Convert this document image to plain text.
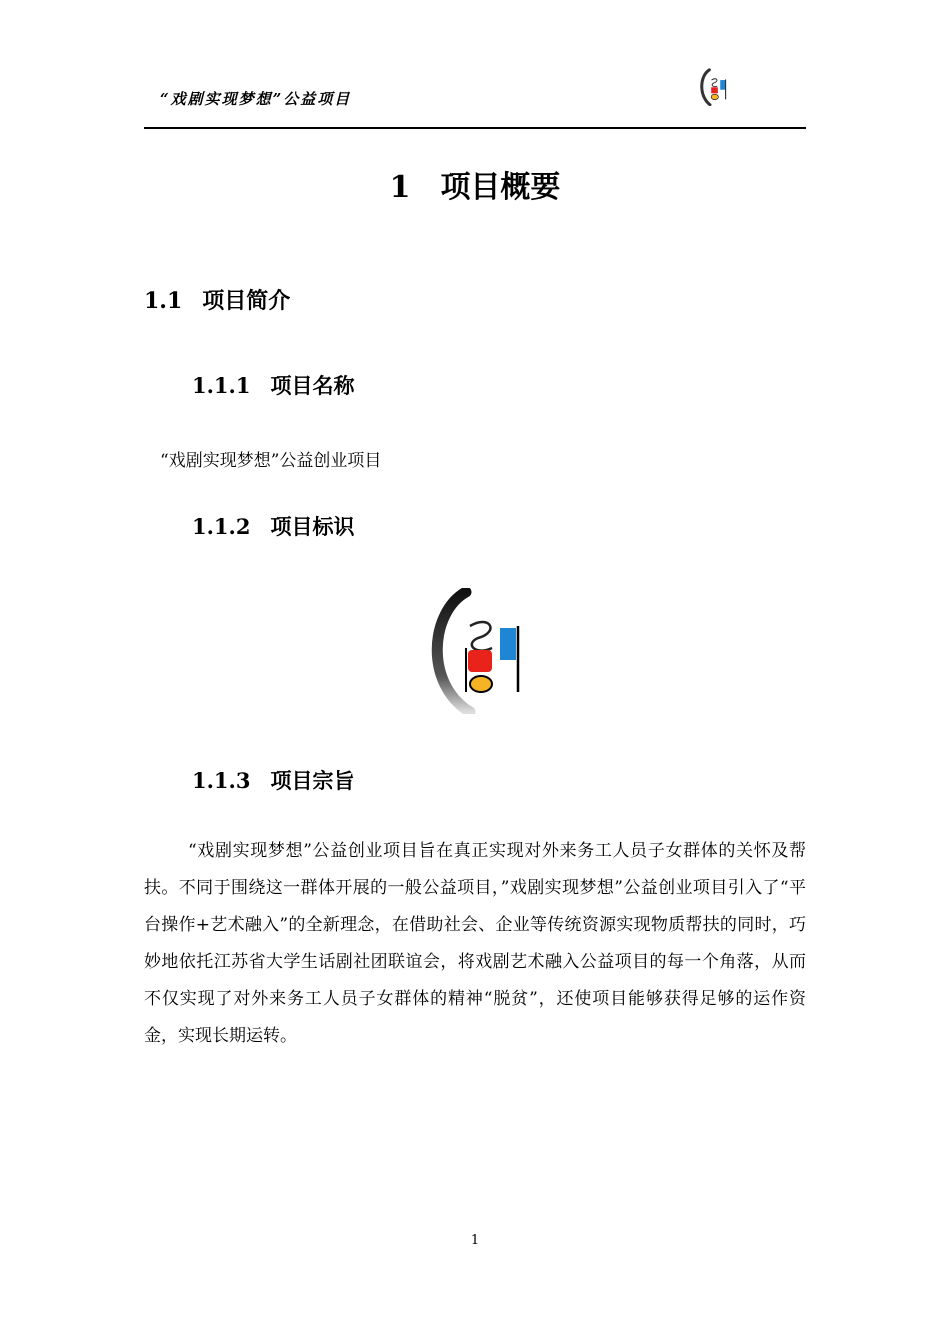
“戏剧实现梦想”公益项目
1 项目概要
1.1 项目简介
1.1.1 项目名称
“戏剧实现梦想”公益创业项目
1.1.2 项目标识
1.1.3 项目宗旨
“戏剧实现梦想”公益创业项目旨在真正实现对外来务工人员子女群体的关怀及帮扶。不同于围绕这一群体开展的一般公益项目，”戏剧实现梦想”公益创业项目引入了“平台操作+艺术融入”的全新理念，在借助社会、企业等传统资源实现物质帮扶的同时，巧妙地依托江苏省大学生话剧社团联谊会，将戏剧艺术融入公益项目的每一个角落，从而不仅实现了对外来务工人员子女群体的精神“脱贫”，还使项目能够获得足够的运作资金，实现长期运转。
1
